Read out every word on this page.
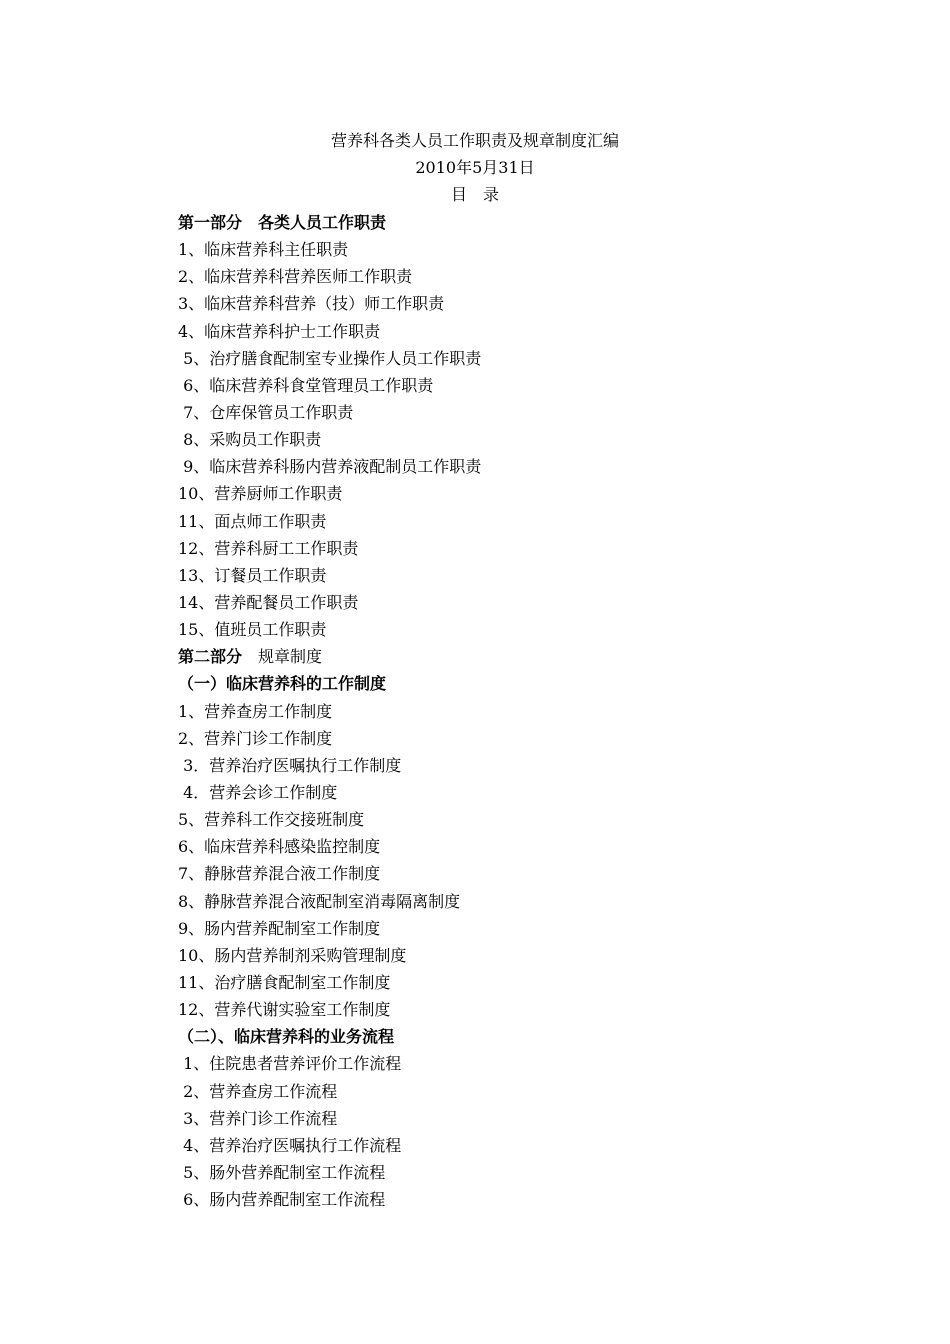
营养科各类人员工作职责及规章制度汇编
2010年5月31日
目　录
第一部分　各类人员工作职责
1、临床营养科主任职责
2、临床营养科营养医师工作职责
3、临床营养科营养（技）师工作职责
4、临床营养科护士工作职责
5、治疗膳食配制室专业操作人员工作职责
6、临床营养科食堂管理员工作职责
7、仓库保管员工作职责
8、采购员工作职责
9、临床营养科肠内营养液配制员工作职责
10、营养厨师工作职责
11、面点师工作职责
12、营养科厨工工作职责
13、订餐员工作职责
14、营养配餐员工作职责
15、值班员工作职责
第二部分　规章制度
（一）临床营养科的工作制度
1、营养查房工作制度
2、营养门诊工作制度
3．营养治疗医嘱执行工作制度
4．营养会诊工作制度
5、营养科工作交接班制度
6、临床营养科感染监控制度
7、静脉营养混合液工作制度
8、静脉营养混合液配制室消毒隔离制度
9、肠内营养配制室工作制度
10、肠内营养制剂采购管理制度
11、治疗膳食配制室工作制度
12、营养代谢实验室工作制度
（二）、临床营养科的业务流程
1、住院患者营养评价工作流程
2、营养查房工作流程
3、营养门诊工作流程
4、营养治疗医嘱执行工作流程
5、肠外营养配制室工作流程
6、肠内营养配制室工作流程
